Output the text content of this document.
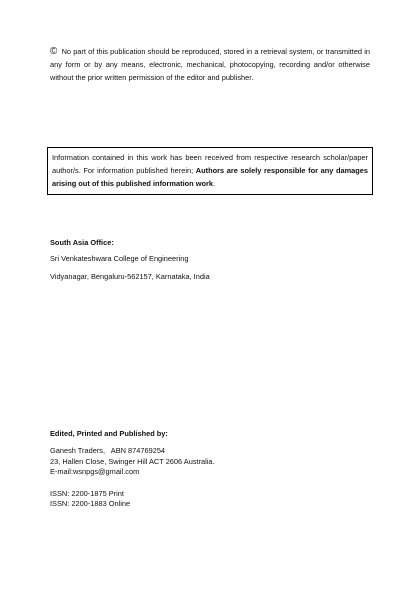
© No part of this publication should be reproduced, stored in a retrieval system, or transmitted in any form or by any means, electronic, mechanical, photocopying, recording and/or otherwise without the prior written permission of the editor and publisher.
Information contained in this work has been received from respective research scholar/paper author/s. For information published herein; Authors are solely responsible for any damages arising out of this published information work.
South Asia Office:
Sri Venkateshwara College of Engineering
Vidyanagar, Bengaluru-562157, Karnataka, India
Edited, Printed and Published by:
Ganesh Traders,   ABN 874769254
23, Hallen Close, Swinger Hill ACT 2606 Australia.
E-mail:wsnpgs@gmail.com
ISSN: 2200-1875 Print
ISSN: 2200-1883 Online
